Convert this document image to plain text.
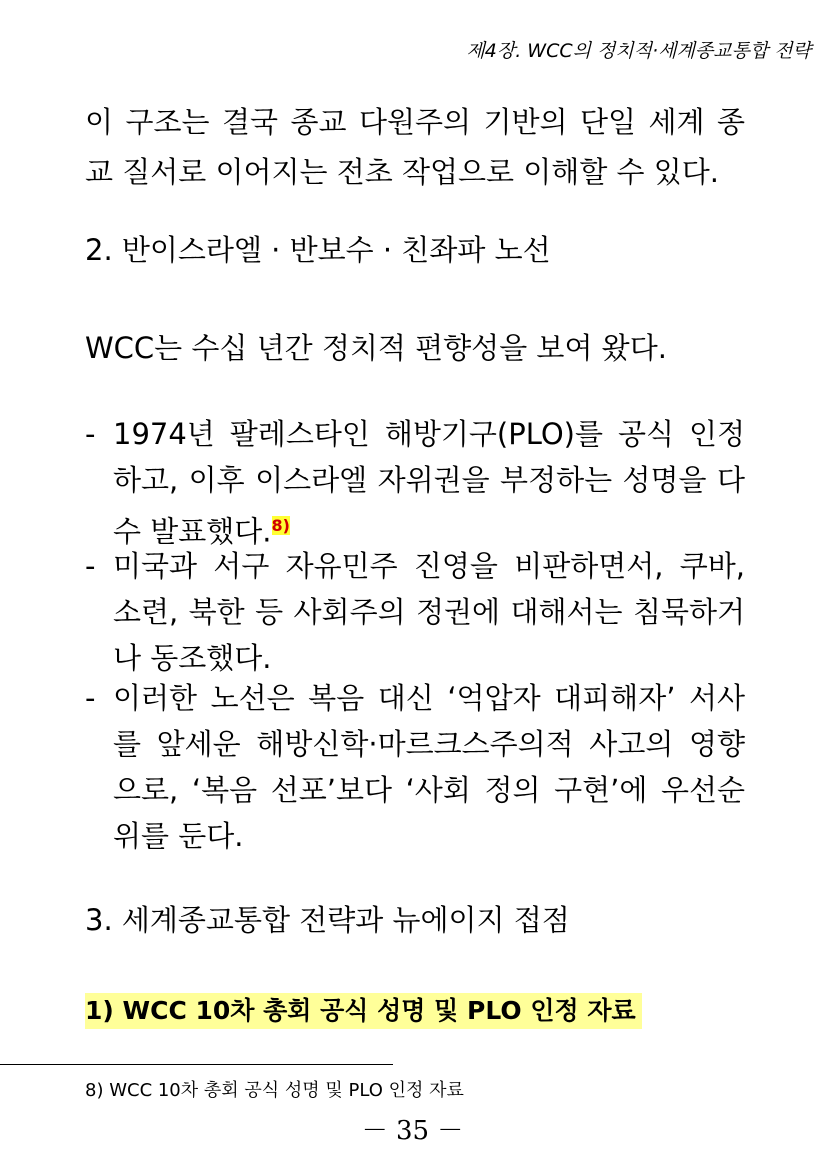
제4장. WCC의 정치적·세계종교통합 전략
이 구조는 결국 종교 다원주의 기반의 단일 세계 종교 질서로 이어지는 전초 작업으로 이해할 수 있다.
2. 반이스라엘 · 반보수 · 친좌파 노선
WCC는 수십 년간 정치적 편향성을 보여 왔다.
- 1974년 팔레스타인 해방기구(PLO)를 공식 인정하고, 이후 이스라엘 자위권을 부정하는 성명을 다수 발표했다.$^{8)}$
- 미국과 서구 자유민주 진영을 비판하면서, 쿠바, 소련, 북한 등 사회주의 정권에 대해서는 침묵하거나 동조했다.
- 이러한 노선은 복음 대신 ‘억압자 대피해자’ 서사를 앞세운 해방신학·마르크스주의적 사고의 영향으로, ‘복음 선포’보다 ‘사회 정의 구현’에 우선순위를 둔다.
3. 세계종교통합 전략과 뉴에이지 접점
1) WCC 10차 총회 공식 성명 및 PLO 인정 자료
8) WCC 10차 총회 공식 성명 및 PLO 인정 자료
－ 35 －
